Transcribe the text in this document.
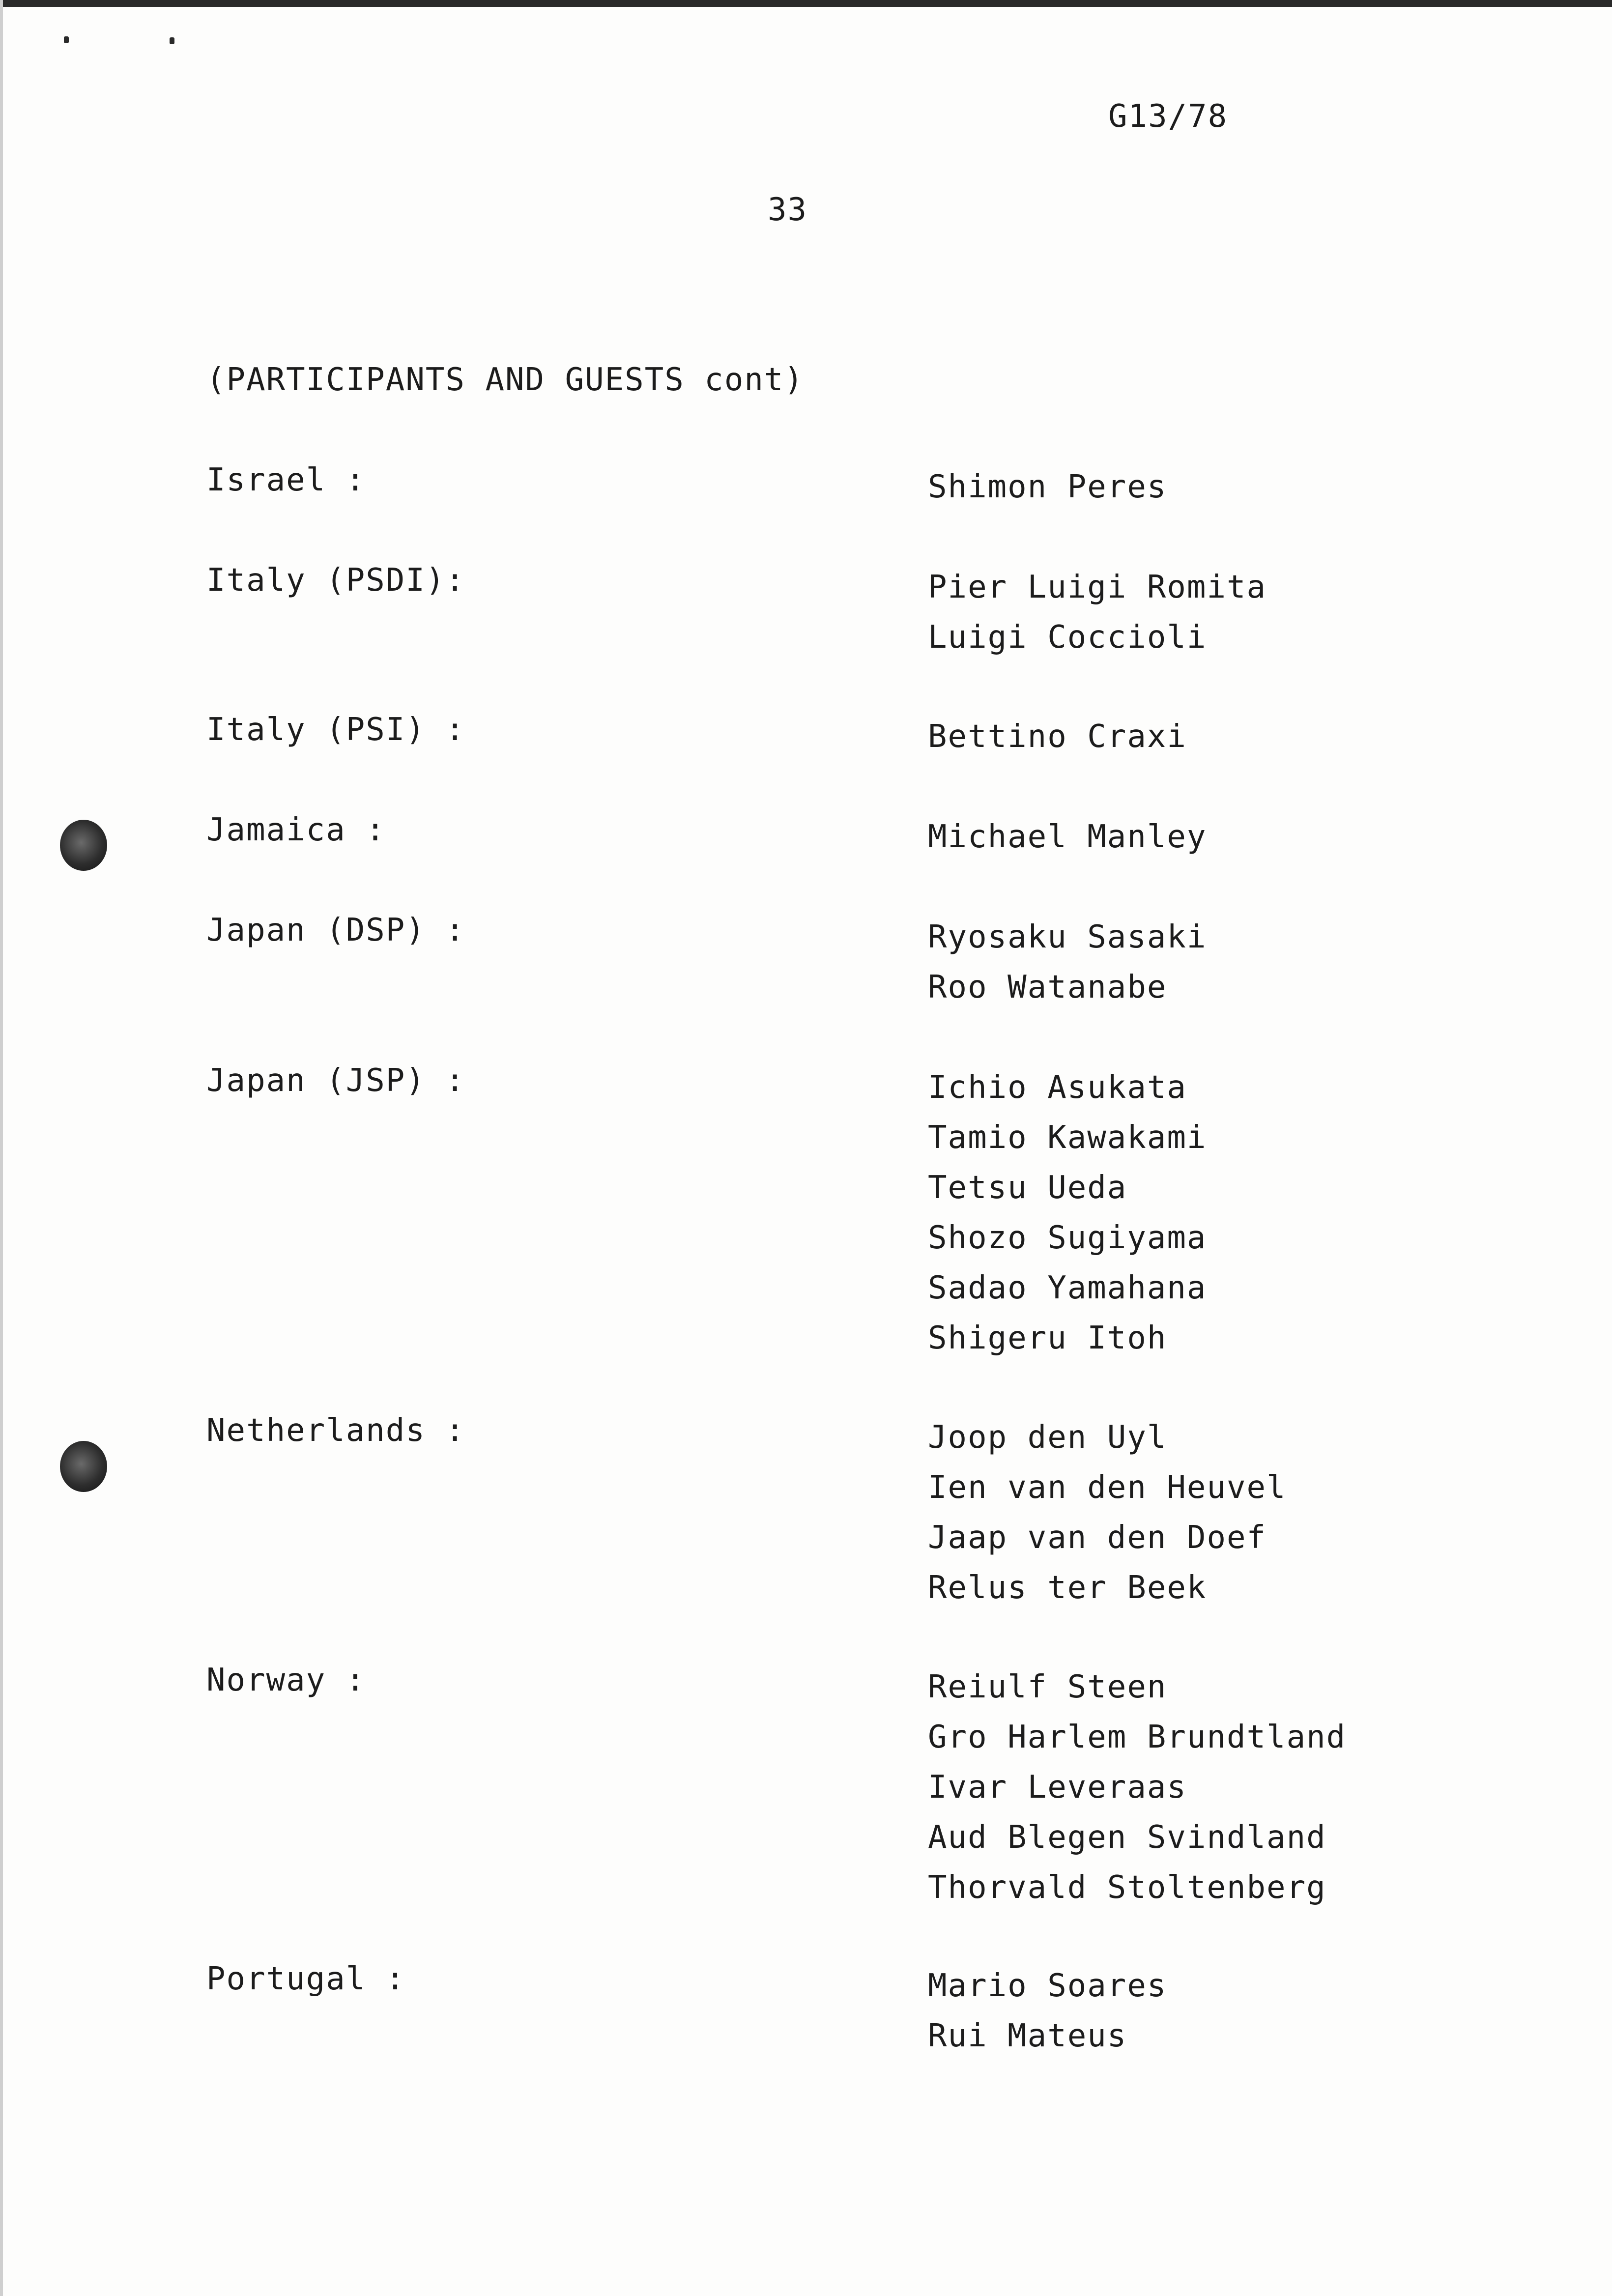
G13/78
33
(PARTICIPANTS AND GUESTS cont)
Israel :	Shimon Peres
Italy (PSDI):	Pier Luigi Romita
Luigi Coccioli
Italy (PSI) :	Bettino Craxi
Jamaica :	Michael Manley
Japan (DSP) :	Ryosaku Sasaki
Roo Watanabe
Japan (JSP) :	Ichio Asukata
Tamio Kawakami
Tetsu Ueda
Shozo Sugiyama
Sadao Yamahana
Shigeru Itoh
Netherlands :	Joop den Uyl
Ien van den Heuvel
Jaap van den Doef
Relus ter Beek
Norway :	Reiulf Steen
Gro Harlem Brundtland
Ivar Leveraas
Aud Blegen Svindland
Thorvald Stoltenberg
Portugal :	Mario Soares
Rui Mateus
